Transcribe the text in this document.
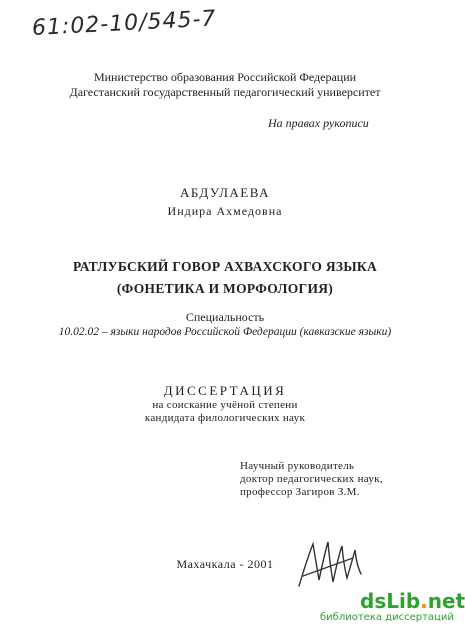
61:02-10/545-7
Министерство образования Российской Федерации
Дагестанский государственный педагогический университет
На правах рукописи
АБДУЛАЕВА
Индира Ахмедовна
РАТЛУБСКИЙ ГОВОР АХВАХСКОГО ЯЗЫКА
(ФОНЕТИКА И МОРФОЛОГИЯ)
Специальность
10.02.02 – языки народов Российской Федерации (кавказские языки)
ДИССЕРТАЦИЯ
на соискание учёной степени
кандидата филологических наук
Научный руководитель
доктор педагогических наук,
профессор Загиров З.М.
Махачкала - 2001
dsLib.net
библиотека диссертаций
